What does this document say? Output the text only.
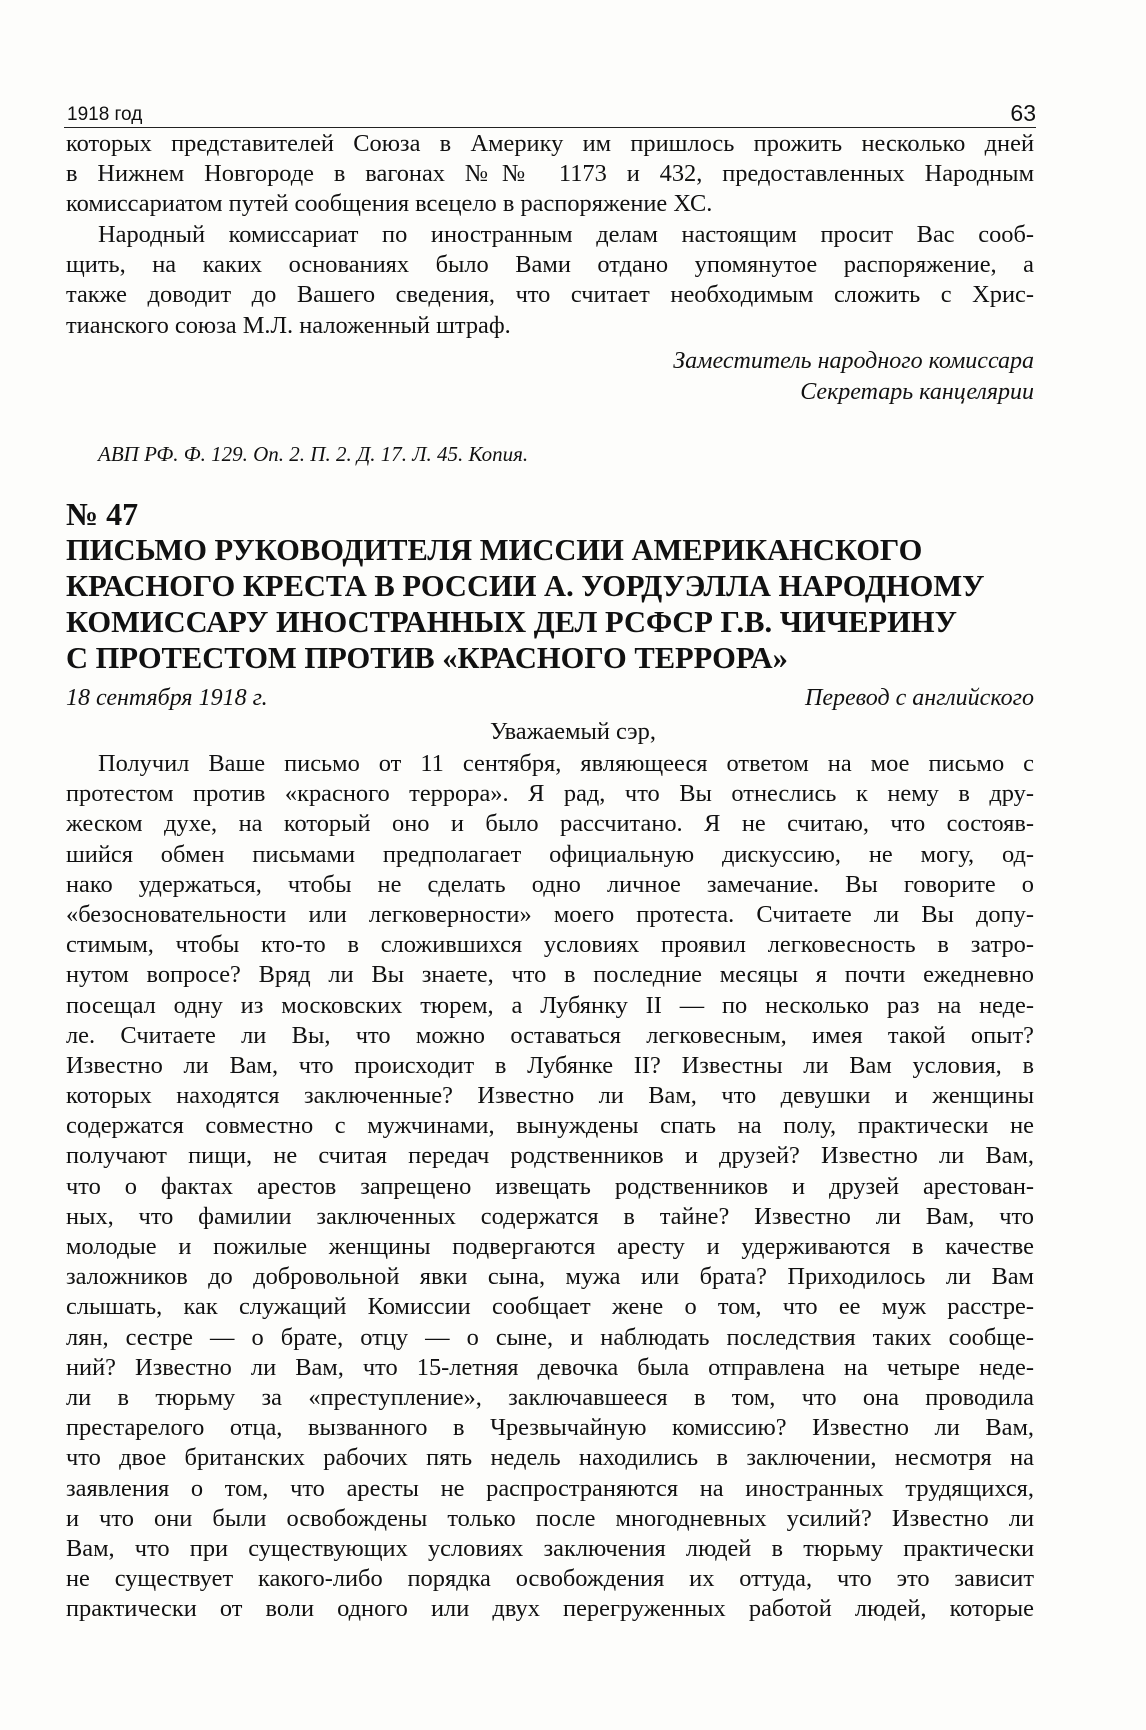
1918 год	63
которых представителей Союза в Америку им пришлось прожить несколько дней
в Нижнем Новгороде в вагонах №№ 1173 и 432, предоставленных Народным
комиссариатом путей сообщения всецело в распоряжение ХС.
Народный комиссариат по иностранным делам настоящим просит Вас сооб-
щить, на каких основаниях было Вами отдано упомянутое распоряжение, а
также доводит до Вашего сведения, что считает необходимым сложить с Хрис-
тианского союза М.Л. наложенный штраф.
Заместитель народного комиссара
Секретарь канцелярии
АВП РФ. Ф. 129. Оп. 2. П. 2. Д. 17. Л. 45. Копия.
№ 47
ПИСЬМО РУКОВОДИТЕЛЯ МИССИИ АМЕРИКАНСКОГО
КРАСНОГО КРЕСТА В РОССИИ А. УОРДУЭЛЛА НАРОДНОМУ
КОМИССАРУ ИНОСТРАННЫХ ДЕЛ РСФСР Г.В. ЧИЧЕРИНУ
С ПРОТЕСТОМ ПРОТИВ «КРАСНОГО ТЕРРОРА»
18 сентября 1918 г.	Перевод с английского
Уважаемый сэр,
Получил Ваше письмо от 11 сентября, являющееся ответом на мое письмо с
протестом против «красного террора». Я рад, что Вы отнеслись к нему в дру-
жеском духе, на который оно и было рассчитано. Я не считаю, что состояв-
шийся обмен письмами предполагает официальную дискуссию, не могу, од-
нако удержаться, чтобы не сделать одно личное замечание. Вы говорите о
«безосновательности или легковерности» моего протеста. Считаете ли Вы допу-
стимым, чтобы кто-то в сложившихся условиях проявил легковесность в затро-
нутом вопросе? Вряд ли Вы знаете, что в последние месяцы я почти ежедневно
посещал одну из московских тюрем, а Лубянку II — по несколько раз на неде-
ле. Считаете ли Вы, что можно оставаться легковесным, имея такой опыт?
Известно ли Вам, что происходит в Лубянке II? Известны ли Вам условия, в
которых находятся заключенные? Известно ли Вам, что девушки и женщины
содержатся совместно с мужчинами, вынуждены спать на полу, практически не
получают пищи, не считая передач родственников и друзей? Известно ли Вам,
что о фактах арестов запрещено извещать родственников и друзей арестован-
ных, что фамилии заключенных содержатся в тайне? Известно ли Вам, что
молодые и пожилые женщины подвергаются аресту и удерживаются в качестве
заложников до добровольной явки сына, мужа или брата? Приходилось ли Вам
слышать, как служащий Комиссии сообщает жене о том, что ее муж расстре-
лян, сестре — о брате, отцу — о сыне, и наблюдать последствия таких сообще-
ний? Известно ли Вам, что 15-летняя девочка была отправлена на четыре неде-
ли в тюрьму за «преступление», заключавшееся в том, что она проводила
престарелого отца, вызванного в Чрезвычайную комиссию? Известно ли Вам,
что двое британских рабочих пять недель находились в заключении, несмотря на
заявления о том, что аресты не распространяются на иностранных трудящихся,
и что они были освобождены только после многодневных усилий? Известно ли
Вам, что при существующих условиях заключения людей в тюрьму практически
не существует какого-либо порядка освобождения их оттуда, что это зависит
практически от воли одного или двух перегруженных работой людей, которые
